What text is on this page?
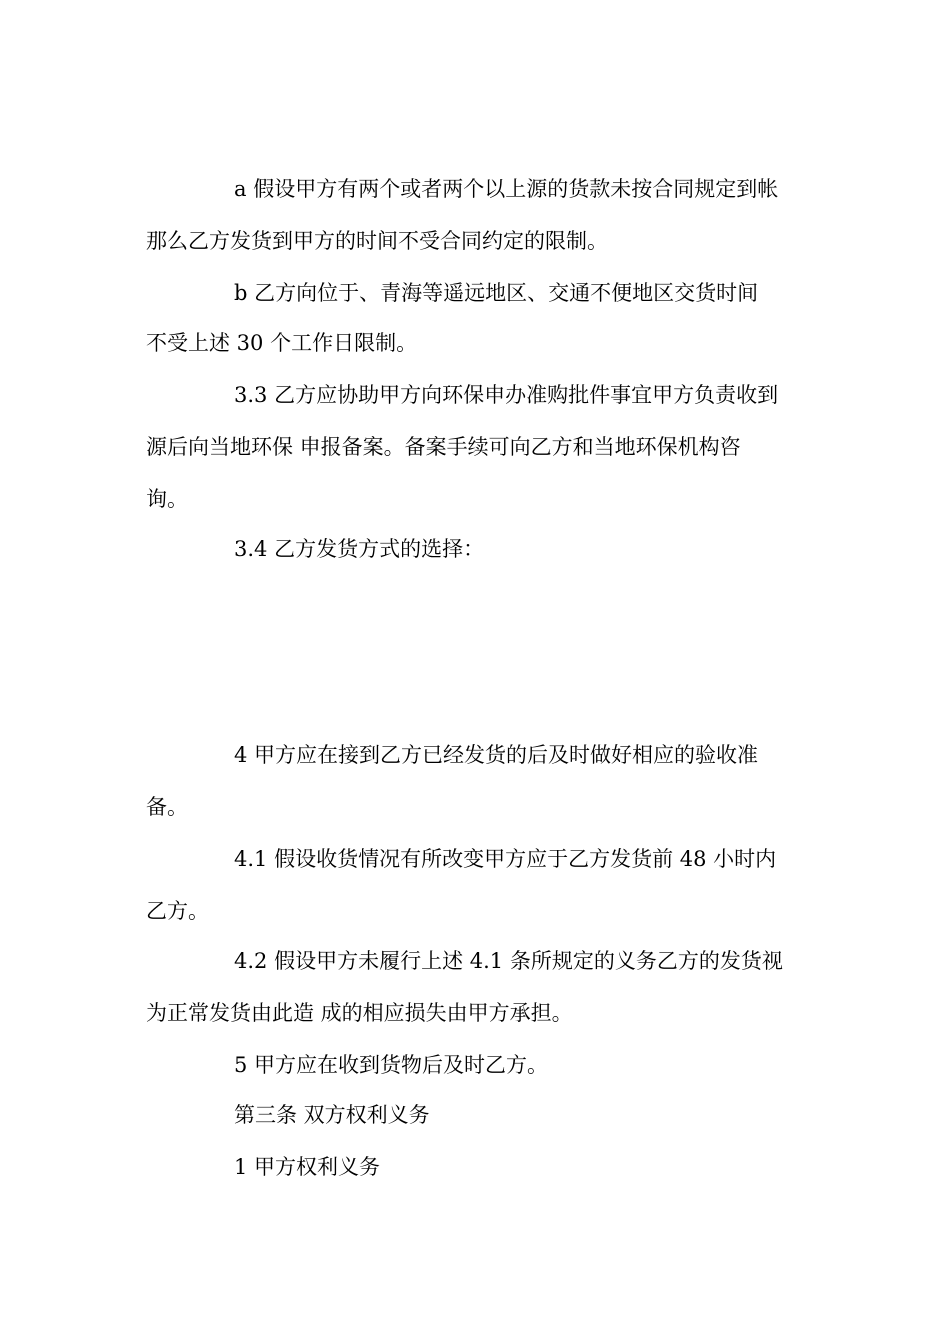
a 假设甲方有两个或者两个以上源的货款未按合同规定到帐
那么乙方发货到甲方的时间不受合同约定的限制。
b 乙方向位于、青海等遥远地区、交通不便地区交货时间
不受上述 30 个工作日限制。
3.3 乙方应协助甲方向环保申办准购批件事宜甲方负责收到
源后向当地环保 申报备案。备案手续可向乙方和当地环保机构咨
询。
3.4 乙方发货方式的选择：
4 甲方应在接到乙方已经发货的后及时做好相应的验收准
备。
4.1 假设收货情况有所改变甲方应于乙方发货前 48 小时内
乙方。
4.2 假设甲方未履行上述 4.1 条所规定的义务乙方的发货视
为正常发货由此造 成的相应损失由甲方承担。
5 甲方应在收到货物后及时乙方。
第三条 双方权利义务
1 甲方权利义务
